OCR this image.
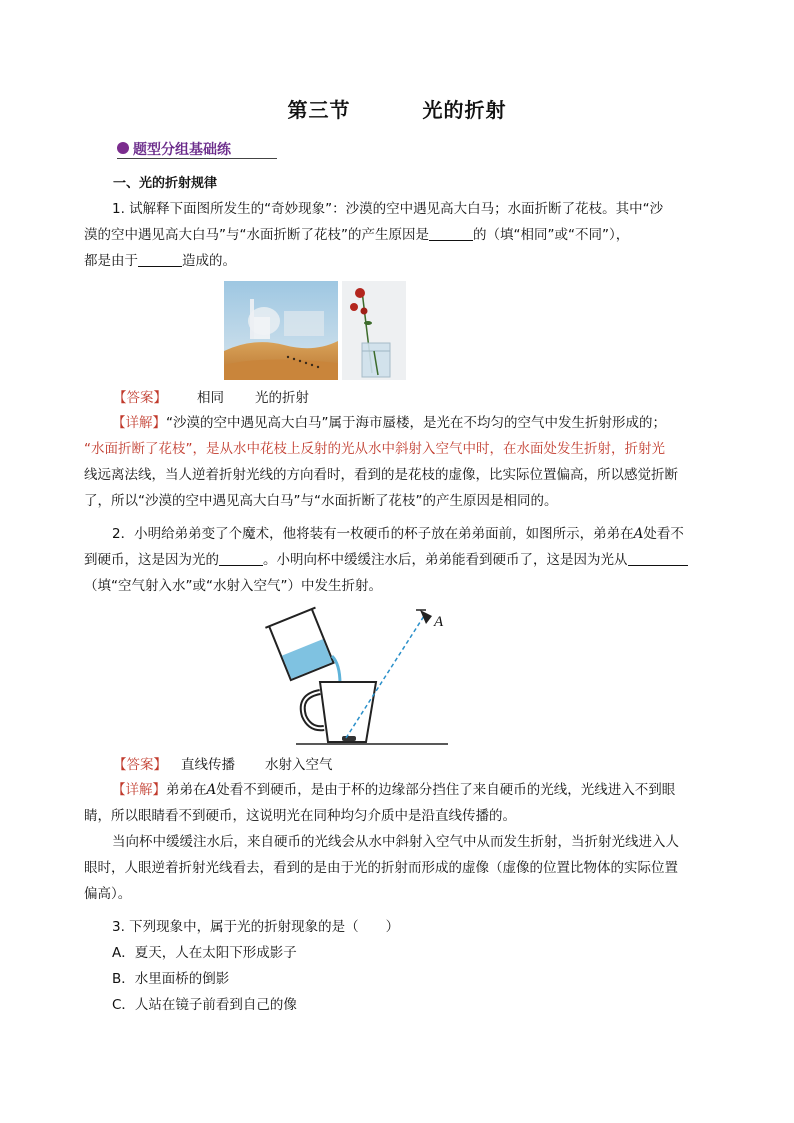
第三节	光的折射
题型分组基础练
一、光的折射规律
1. 试解释下面图所发生的“奇妙现象”：沙漠的空中遇见高大白马；水面折断了花枝。其中“沙
漠的空中遇见高大白马”与“水面折断了花枝”的产生原因是	的（填“相同”或“不同”），
都是由于	造成的。
【答案】 相同 光的折射
【详解】“沙漠的空中遇见高大白马”属于海市蜃楼，是光在不均匀的空气中发生折射形成的；
“水面折断了花枝”，是从水中花枝上反射的光从水中斜射入空气中时，在水面处发生折射，折射光
线远离法线，当人逆着折射光线的方向看时，看到的是花枝的虚像，比实际位置偏高，所以感觉折断
了，所以“沙漠的空中遇见高大白马”与“水面折断了花枝”的产生原因是相同的。
2．小明给弟弟变了个魔术，他将装有一枚硬币的杯子放在弟弟面前，如图所示，弟弟在A处看不
到硬币，这是因为光的	。小明向杯中缓缓注水后，弟弟能看到硬币了，这是因为光从
（填“空气射入水”或“水射入空气”）中发生折射。
A
【答案】 直线传播 水射入空气
【详解】弟弟在A处看不到硬币，是由于杯的边缘部分挡住了来自硬币的光线，光线进入不到眼
睛，所以眼睛看不到硬币，这说明光在同种均匀介质中是沿直线传播的。
当向杯中缓缓注水后，来自硬币的光线会从水中斜射入空气中从而发生折射，当折射光线进入人
眼时，人眼逆着折射光线看去，看到的是由于光的折射而形成的虚像（虚像的位置比物体的实际位置
偏高）。
3. 下列现象中，属于光的折射现象的是（　　）
A．夏天，人在太阳下形成影子
B．水里面桥的倒影
C．人站在镜子前看到自己的像
